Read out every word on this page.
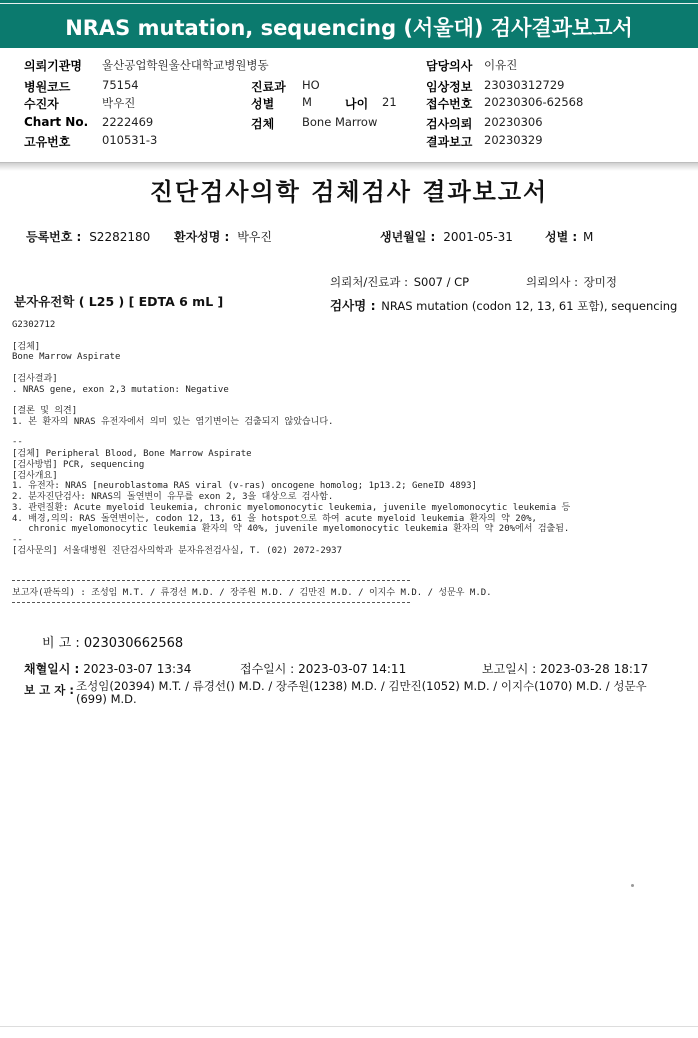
NRAS mutation, sequencing (서울대) 검사결과보고서
의뢰기관명 울산공업학원울산대학교병원병동	담당의사 이유진
병원코드	75154	진료과 HO	임상정보 23030312729
수진자	박우진	성별 M	나이 21 접수번호 20230306-62568
Chart No. 2222469	검체 Bone Marrow	검사의뢰 20230306
고유번호	010531-3	결과보고 20230329
진단검사의학 검체검사 결과보고서
등록번호 : S2282180 환자성명 : 박우진	생년월일 : 2001-05-31	성별 : M
의뢰처/진료과 : S007 / CP	의뢰의사 : 장미정
분자유전학 ( L25 ) [ EDTA 6 mL ]	검사명 : NRAS mutation (codon 12, 13, 61 포함), sequencing
G2302712
[검체]
Bone Marrow Aspirate
[검사결과]
. NRAS gene, exon 2,3 mutation: Negative
[결론 및 의견]
1. 본 환자의 NRAS 유전자에서 의미 있는 염기변이는 검출되지 않았습니다.
--
[검체] Peripheral Blood, Bone Marrow Aspirate
[검사방법] PCR, sequencing
[검사개요]
1. 유전자: NRAS [neuroblastoma RAS viral (v-ras) oncogene homolog; 1p13.2; GeneID 4893]
2. 분자진단검사: NRAS의 돌연변이 유무를 exon 2, 3을 대상으로 검사함.
3. 관련질환: Acute myeloid leukemia, chronic myelomonocytic leukemia, juvenile myelomonocytic leukemia 등
4. 배경,의의: RAS 돌연변이는, codon 12, 13, 61 을 hotspot으로 하여 acute myeloid leukemia 환자의 약 20%,
chronic myelomonocytic leukemia 환자의 약 40%, juvenile myelomonocytic leukemia 환자의 약 20%에서 검출됨.
--
[검사문의] 서울대병원 진단검사의학과 분자유전검사실, T. (02) 2072-2937
보고자(판독의) : 조성임 M.T. / 류경선 M.D. / 장주원 M.D. / 김만진 M.D. / 이지수 M.D. / 성문우 M.D.
비 고 : 023030662568
채혈일시 : 2023-03-07 13:34	접수일시 : 2023-03-07 14:11	보고일시 : 2023-03-28 18:17
보 고 자 : 조성임(20394) M.T. / 류경선() M.D. / 장주원(1238) M.D. / 김만진(1052) M.D. / 이지수(1070) M.D. / 성문우
(699) M.D.
